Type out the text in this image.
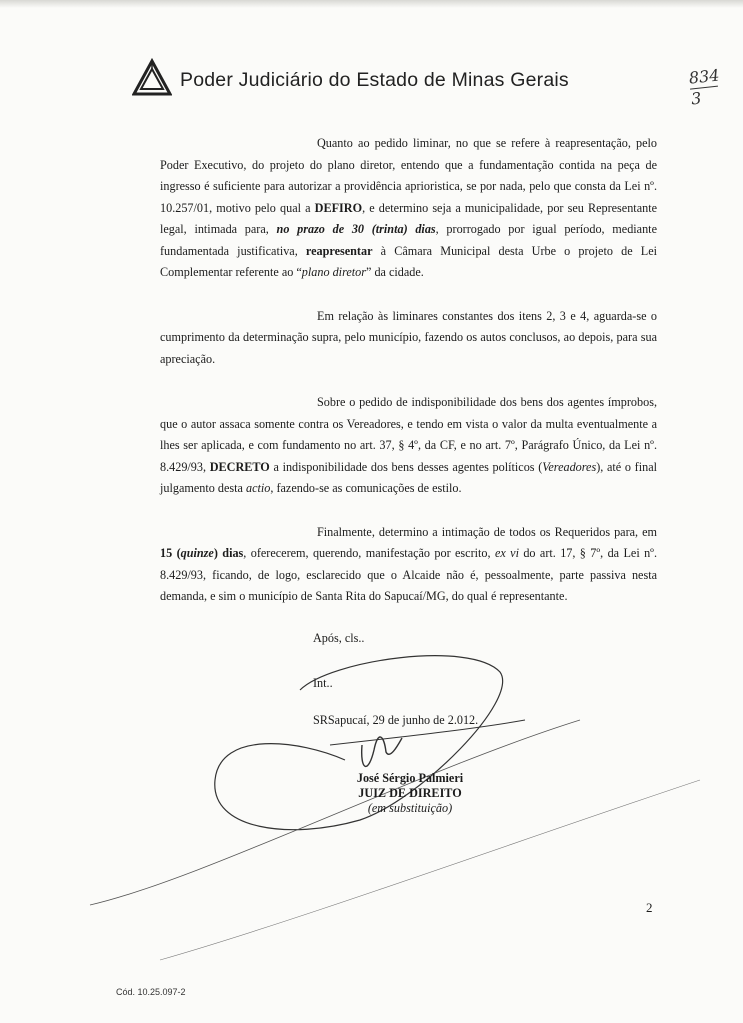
Poder Judiciário do Estado de Minas Gerais	834
3

Quanto ao pedido liminar, no que se refere à reapresentação, pelo Poder Executivo, do projeto do plano diretor, entendo que a fundamentação contida na peça de ingresso é suficiente para autorizar a providência aprioristica, se por nada, pelo que consta da Lei nº. 10.257/01, motivo pelo qual a DEFIRO, e determino seja a municipalidade, por seu Representante legal, intimada para, no prazo de 30 (trinta) dias, prorrogado por igual período, mediante fundamentada justificativa, reapresentar à Câmara Municipal desta Urbe o projeto de Lei Complementar referente ao “plano diretor” da cidade.

Em relação às liminares constantes dos itens 2, 3 e 4, aguarda-se o cumprimento da determinação supra, pelo município, fazendo os autos conclusos, ao depois, para sua apreciação.

Sobre o pedido de indisponibilidade dos bens dos agentes ímprobos, que o autor assaca somente contra os Vereadores, e tendo em vista o valor da multa eventualmente a lhes ser aplicada, e com fundamento no art. 37, § 4º, da CF, e no art. 7º, Parágrafo Único, da Lei nº. 8.429/93, DECRETO a indisponibilidade dos bens desses agentes políticos (Vereadores), até o final julgamento desta actio, fazendo-se as comunicações de estilo.

Finalmente, determino a intimação de todos os Requeridos para, em 15 (quinze) dias, oferecerem, querendo, manifestação por escrito, ex vi do art. 17, § 7º, da Lei nº. 8.429/93, ficando, de logo, esclarecido que o Alcaide não é, pessoalmente, parte passiva nesta demanda, e sim o município de Santa Rita do Sapucaí/MG, do qual é representante.

Após, cls..
Int..
SRSapucaí, 29 de junho de 2.012.
José Sérgio Palmieri
JUIZ DE DIREITO
(em substituição)
2
Cód. 10.25.097-2
